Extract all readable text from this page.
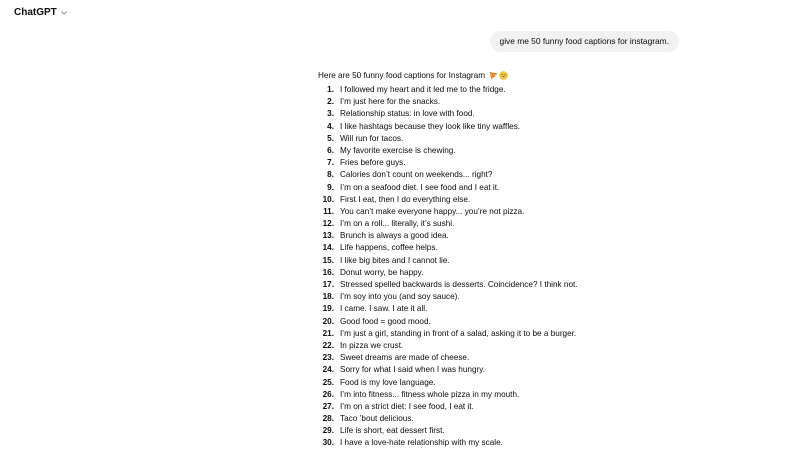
ChatGPT
give me 50 funny food captions for instagram.
Here are 50 funny food captions for Instagram
1. I followed my heart and it led me to the fridge.
2. I’m just here for the snacks.
3. Relationship status: in love with food.
4. I like hashtags because they look like tiny waffles.
5. Will run for tacos.
6. My favorite exercise is chewing.
7. Fries before guys.
8. Calories don’t count on weekends... right?
9. I’m on a seafood diet. I see food and I eat it.
10. First I eat, then I do everything else.
11. You can’t make everyone happy... you’re not pizza.
12. I’m on a roll... literally, it’s sushi.
13. Brunch is always a good idea.
14. Life happens, coffee helps.
15. I like big bites and I cannot lie.
16. Donut worry, be happy.
17. Stressed spelled backwards is desserts. Coincidence? I think not.
18. I’m soy into you (and soy sauce).
19. I came. I saw. I ate it all.
20. Good food = good mood.
21. I’m just a girl, standing in front of a salad, asking it to be a burger.
22. In pizza we crust.
23. Sweet dreams are made of cheese.
24. Sorry for what I said when I was hungry.
25. Food is my love language.
26. I’m into fitness... fitness whole pizza in my mouth.
27. I’m on a strict diet: I see food, I eat it.
28. Taco ’bout delicious.
29. Life is short, eat dessert first.
30. I have a love-hate relationship with my scale.
